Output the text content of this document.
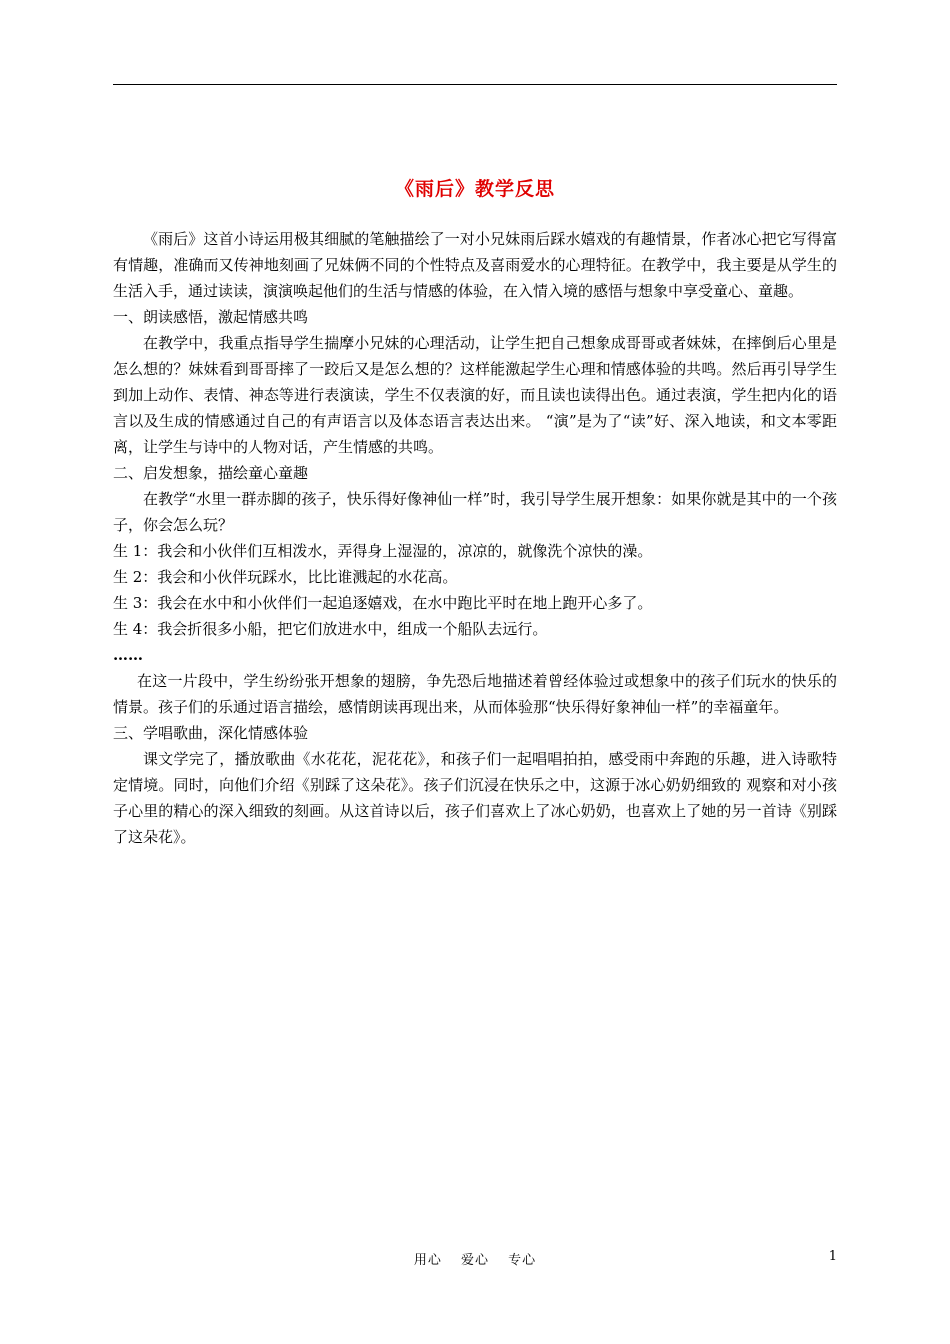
《雨后》教学反思

《雨后》这首小诗运用极其细腻的笔触描绘了一对小兄妹雨后踩水嬉戏的有趣情景，作者冰心把它写得富有情趣，准确而又传神地刻画了兄妹俩不同的个性特点及喜雨爱水的心理特征。在教学中，我主要是从学生的生活入手，通过读读，演演唤起他们的生活与情感的体验，在入情入境的感悟与想象中享受童心、童趣。

一、朗读感悟，激起情感共鸣

在教学中，我重点指导学生揣摩小兄妹的心理活动，让学生把自己想象成哥哥或者妹妹，在摔倒后心里是怎么想的？妹妹看到哥哥摔了一跤后又是怎么想的？这样能激起学生心理和情感体验的共鸣。然后再引导学生到加上动作、表情、神态等进行表演读，学生不仅表演的好，而且读也读得出色。通过表演，学生把内化的语言以及生成的情感通过自己的有声语言以及体态语言表达出来。 “演”是为了“读”好、深入地读，和文本零距离，让学生与诗中的人物对话，产生情感的共鸣。

二、启发想象，描绘童心童趣

在教学“水里一群赤脚的孩子，快乐得好像神仙一样”时，我引导学生展开想象：如果你就是其中的一个孩子，你会怎么玩？

生 1：我会和小伙伴们互相泼水，弄得身上湿湿的，凉凉的，就像洗个凉快的澡。

生 2：我会和小伙伴玩踩水，比比谁溅起的水花高。

生 3：我会在水中和小伙伴们一起追逐嬉戏，在水中跑比平时在地上跑开心多了。

生 4：我会折很多小船，把它们放进水中，组成一个船队去远行。

……

在这一片段中，学生纷纷张开想象的翅膀，争先恐后地描述着曾经体验过或想象中的孩子们玩水的快乐的情景。孩子们的乐通过语言描绘，感情朗读再现出来，从而体验那“快乐得好象神仙一样”的幸福童年。

三、学唱歌曲，深化情感体验

课文学完了，播放歌曲《水花花，泥花花》，和孩子们一起唱唱拍拍，感受雨中奔跑的乐趣，进入诗歌特定情境。同时，向他们介绍《别踩了这朵花》。孩子们沉浸在快乐之中，这源于冰心奶奶细致的 观察和对小孩子心里的精心的深入细致的刻画。从这首诗以后，孩子们喜欢上了冰心奶奶，也喜欢上了她的另一首诗《别踩了这朵花》。

用心 爱心 专心	1
